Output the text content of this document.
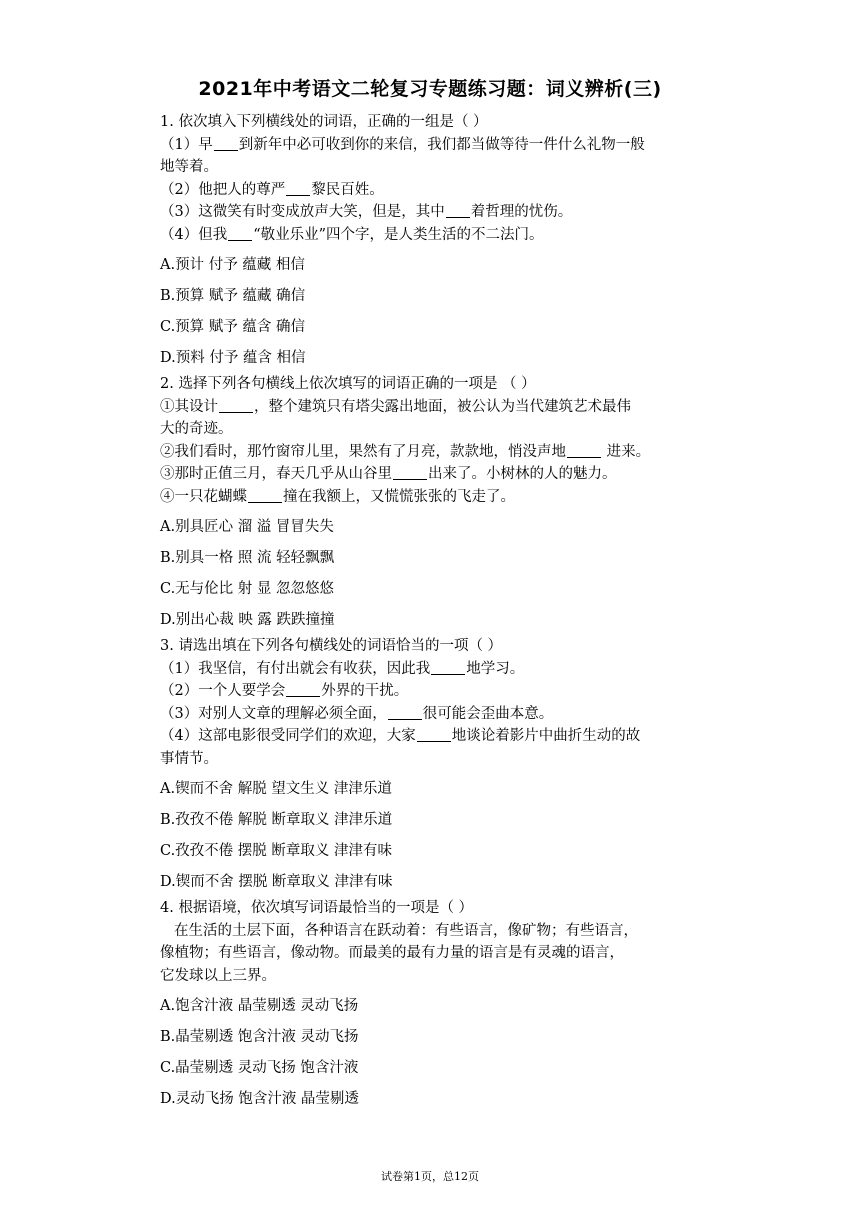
2021年中考语文二轮复习专题练习题：词义辨析(三)
1. 依次填入下列横线处的词语，正确的一组是（ ）
（1）早 到新年中必可收到你的来信，我们都当做等待一件什么礼物一般
地等着。
（2）他把人的尊严 黎民百姓。
（3）这微笑有时变成放声大笑，但是，其中 着哲理的忧伤。
（4）但我 “敬业乐业”四个字，是人类生活的不二法门。
A.预计 付予 蕴藏 相信
B.预算 赋予 蕴藏 确信
C.预算 赋予 蕴含 确信
D.预料 付予 蕴含 相信
2. 选择下列各句横线上依次填写的词语正确的一项是 （ ）
①其设计 ，整个建筑只有塔尖露出地面，被公认为当代建筑艺术最伟
大的奇迹。
②我们看时，那竹窗帘儿里，果然有了月亮，款款地，悄没声地 进来。
③那时正值三月，春天几乎从山谷里 出来了。小树林的人的魅力。
④一只花蝴蝶 撞在我额上，又慌慌张张的飞走了。
A.别具匠心 溜 溢 冒冒失失
B.别具一格 照 流 轻轻飘飘
C.无与伦比 射 显 忽忽悠悠
D.别出心裁 映 露 跌跌撞撞
3. 请选出填在下列各句横线处的词语恰当的一项（ ）
（1）我坚信，有付出就会有收获，因此我 地学习。
（2）一个人要学会 外界的干扰。
（3）对别人文章的理解必须全面， 很可能会歪曲本意。
（4）这部电影很受同学们的欢迎，大家 地谈论着影片中曲折生动的故
事情节。
A.锲而不舍 解脱 望文生义 津津乐道
B.孜孜不倦 解脱 断章取义 津津乐道
C.孜孜不倦 摆脱 断章取义 津津有味
D.锲而不舍 摆脱 断章取义 津津有味
4. 根据语境，依次填写词语最恰当的一项是（ ）
在生活的土层下面，各种语言在跃动着：有些语言，像矿物；有些语言，
像植物；有些语言，像动物。而最美的最有力量的语言是有灵魂的语言，
它发球以上三界。
A.饱含汁液 晶莹剔透 灵动飞扬
B.晶莹剔透 饱含汁液 灵动飞扬
C.晶莹剔透 灵动飞扬 饱含汁液
D.灵动飞扬 饱含汁液 晶莹剔透
试卷第1页，总12页
